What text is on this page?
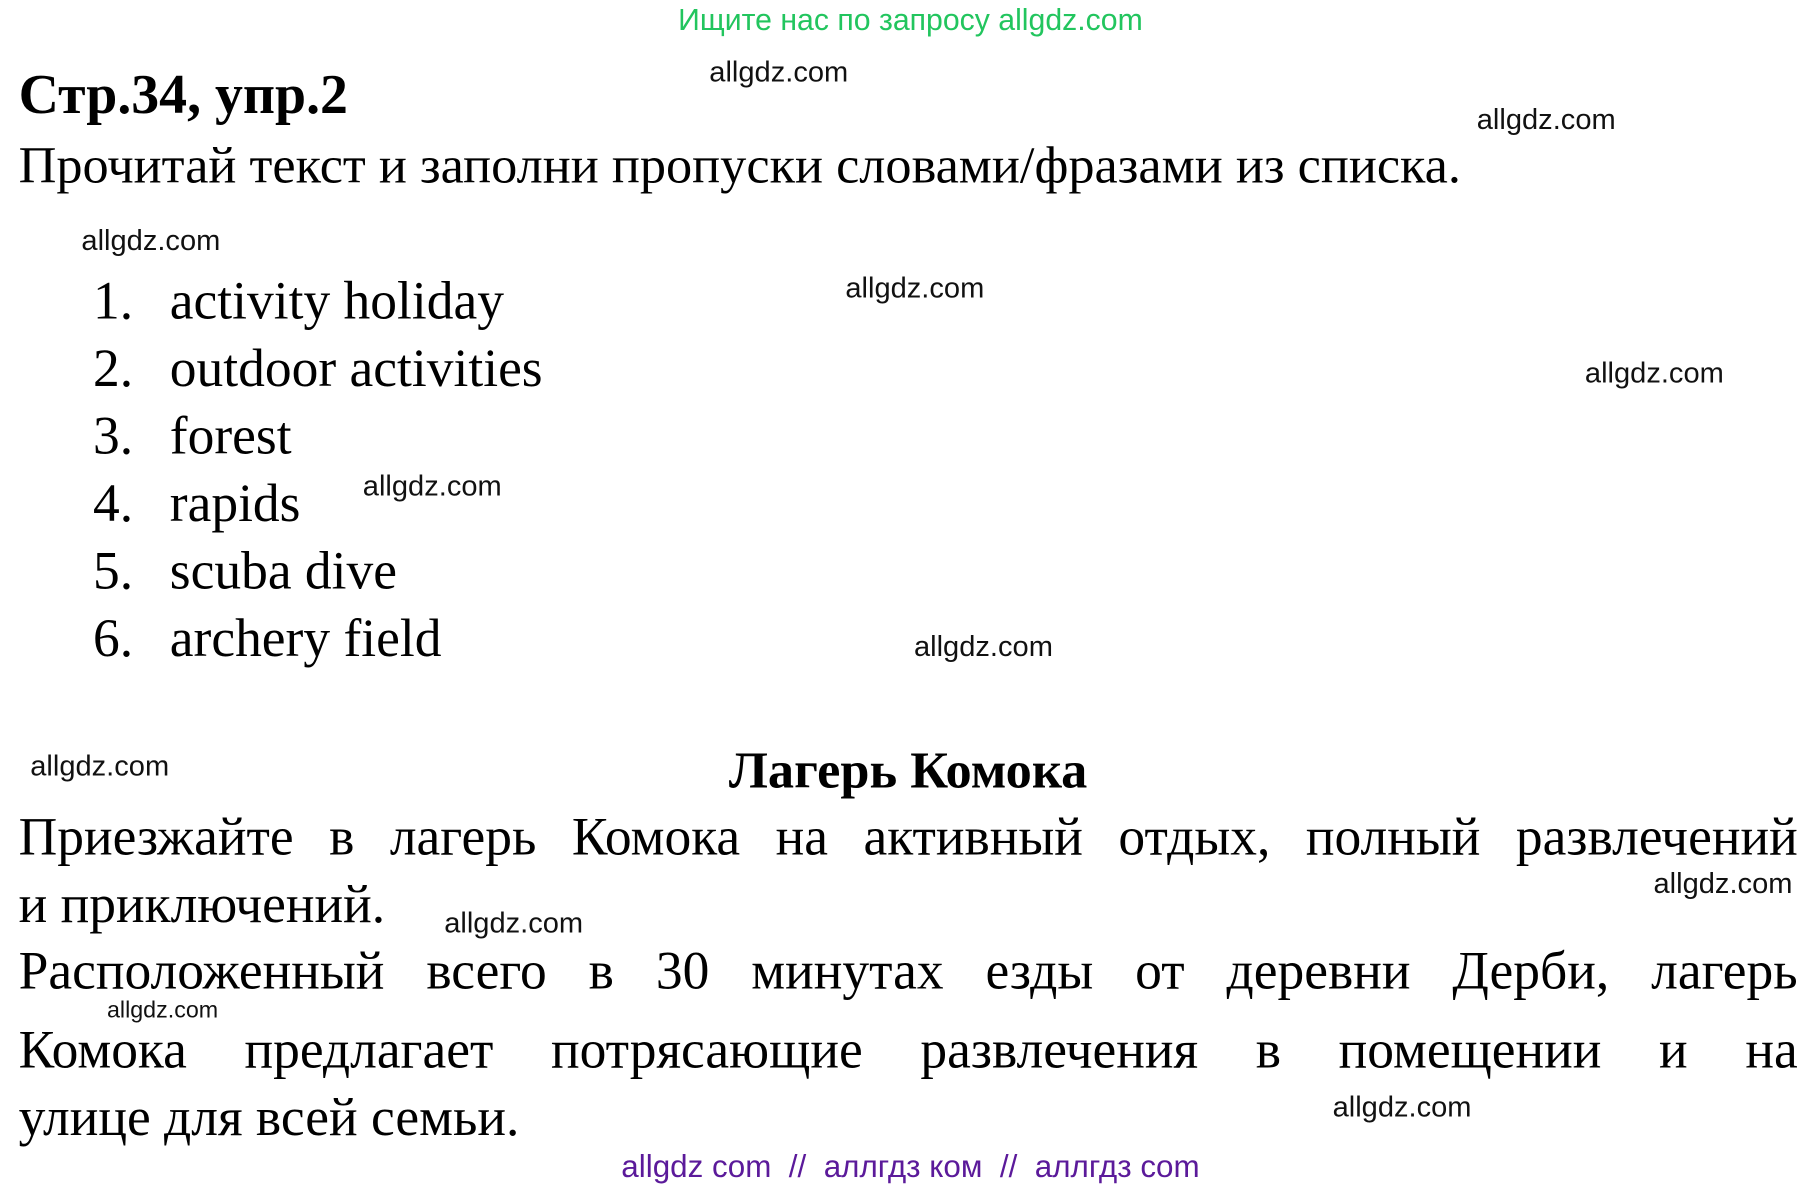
Ищите нас по запросу allgdz.com
Стр.34, упр.2
Прочитай текст и заполни пропуски словами/фразами из списка.
1. activity holiday
2. outdoor activities
3. forest
4. rapids
5. scuba dive
6. archery field
Лагерь Комока
Приезжайте в лагерь Комока на активный отдых, полный развлечений
и приключений.
Расположенный всего в 30 минутах езды от деревни Дерби, лагерь
Комока предлагает потрясающие развлечения в помещении и на
улице для всей семьи.
allgdz.com
allgdz.com
allgdz.com
allgdz.com
allgdz.com
allgdz.com
allgdz.com
allgdz.com
allgdz.com
allgdz.com
allgdz.com
allgdz.com
allgdz com  //  аллгдз ком  //  аллгдз com
